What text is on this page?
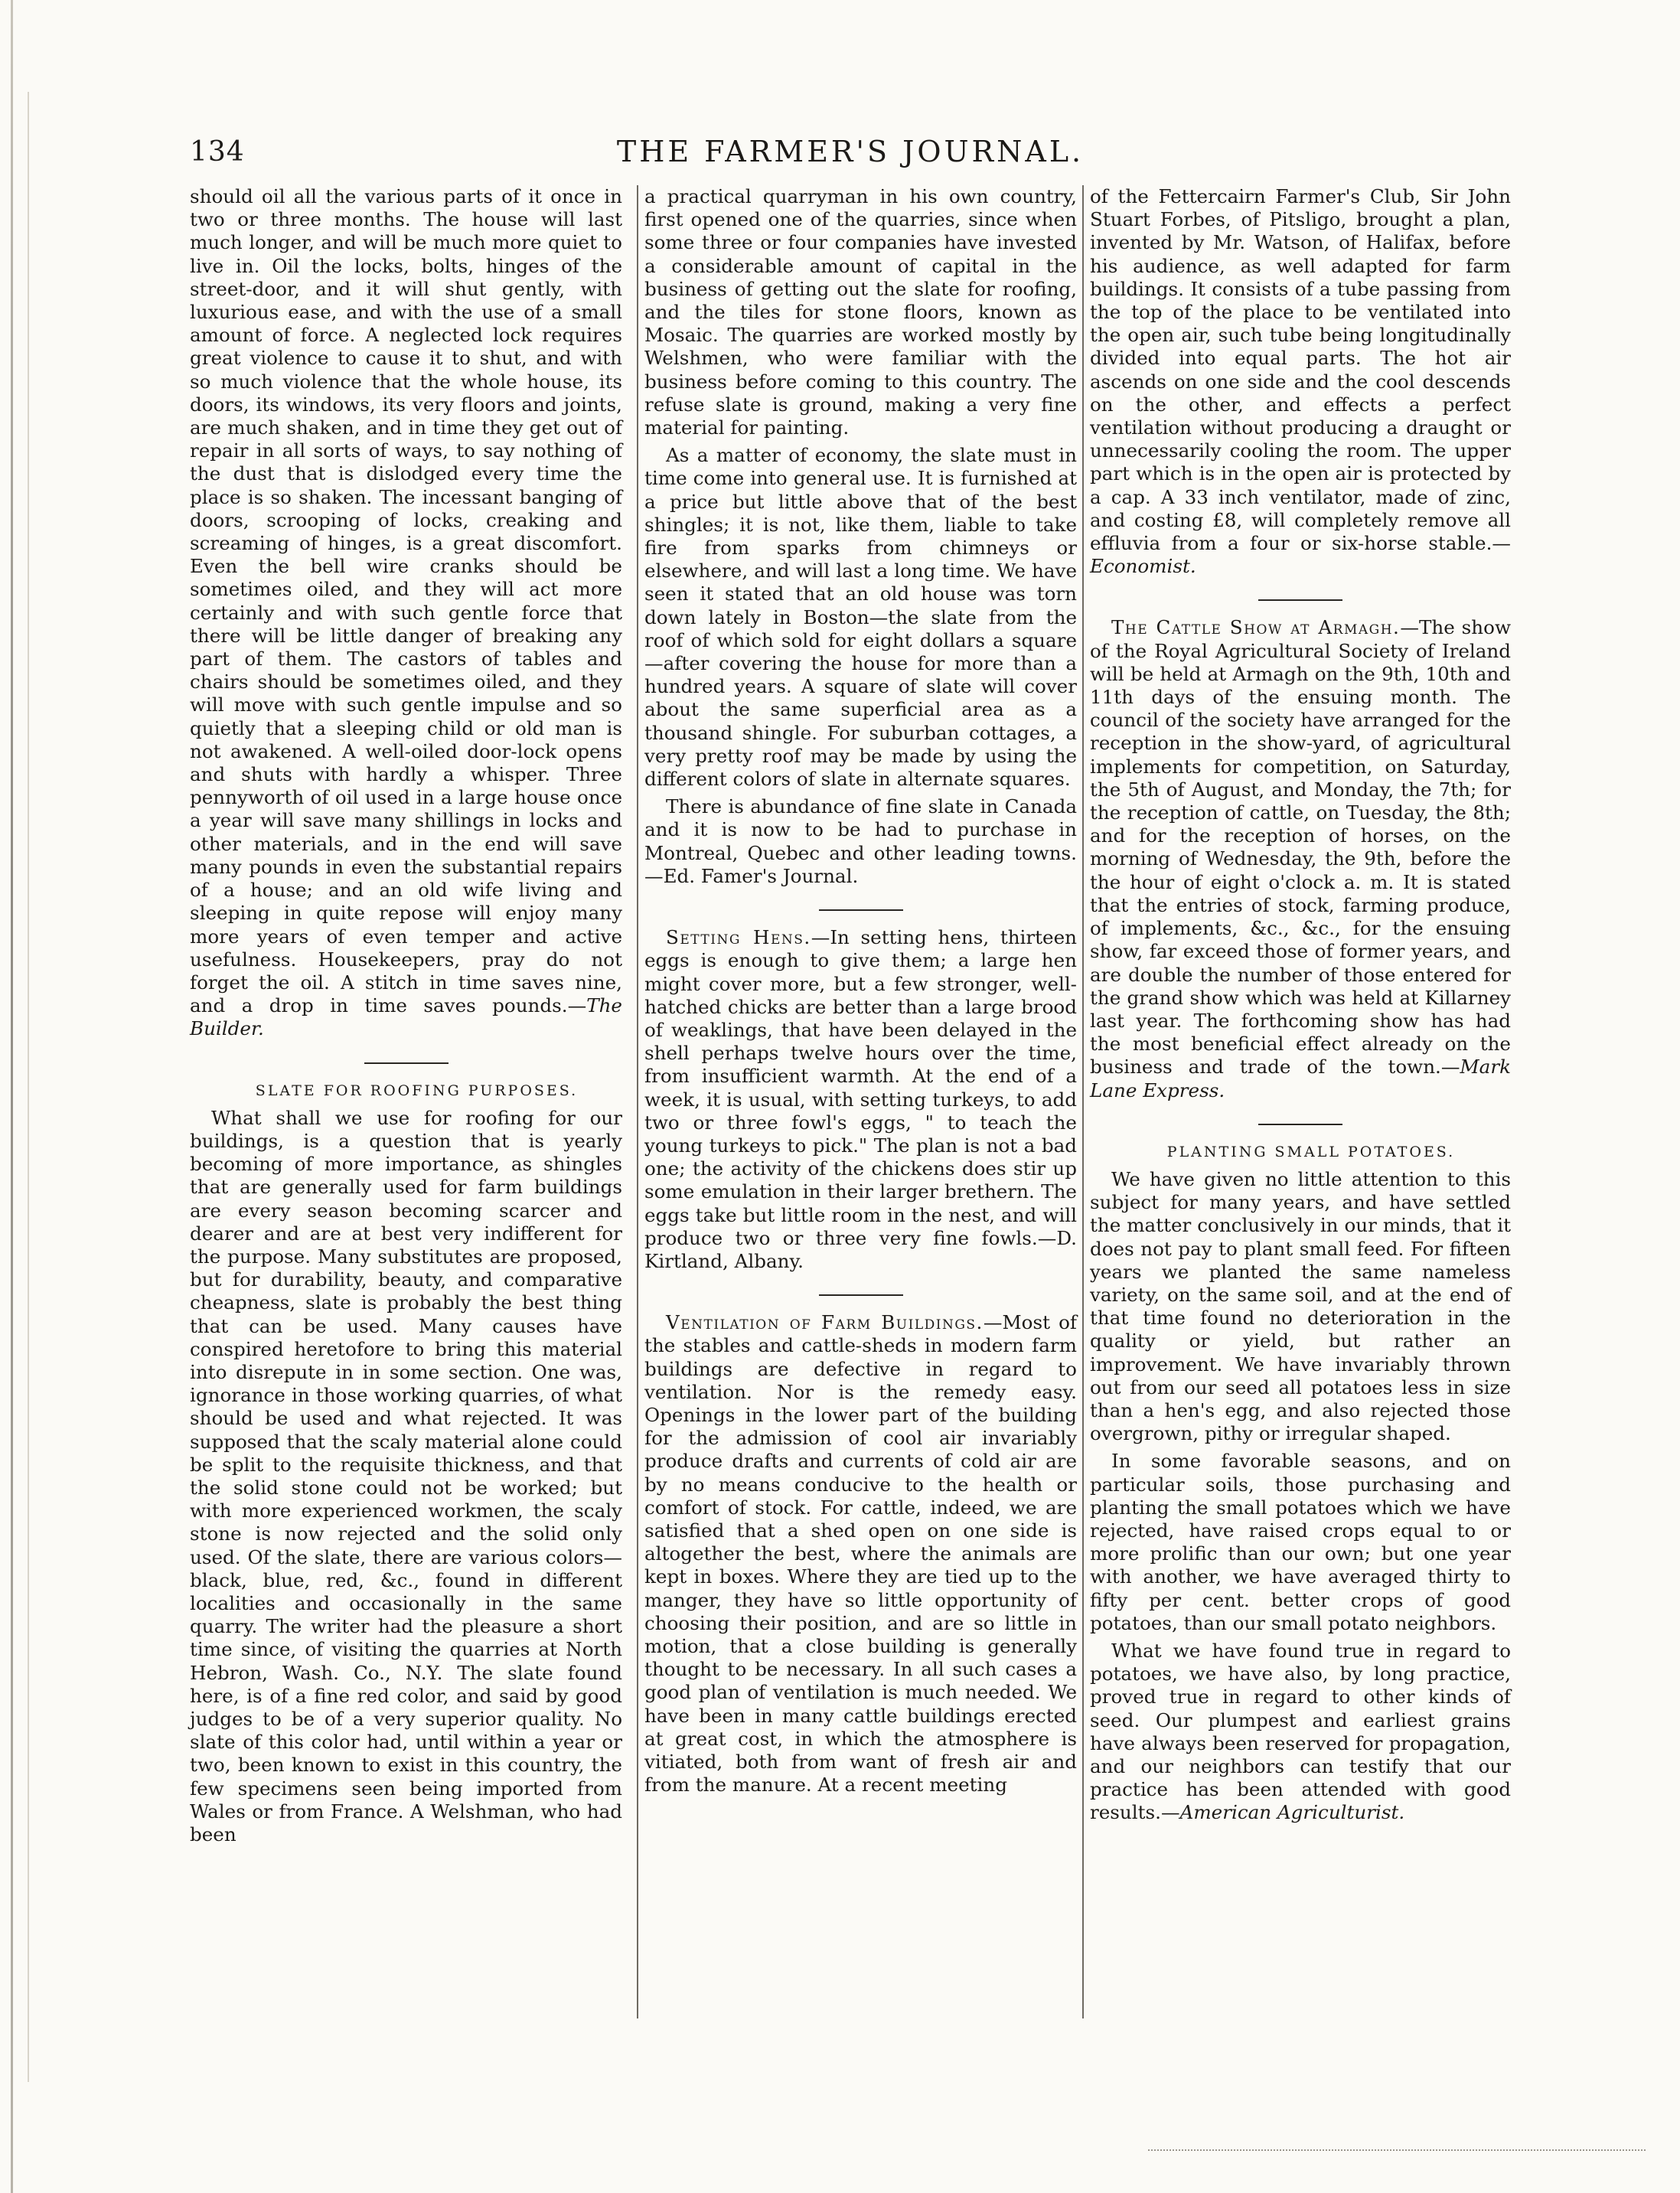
134	THE FARMER'S JOURNAL.

should oil all the various parts of it once in two or three months. The house will last much longer, and will be much more quiet to live in. Oil the locks, bolts, hinges of the street-door, and it will shut gently, with luxurious ease, and with the use of a small amount of force. A neglected lock requires great violence to cause it to shut, and with so much violence that the whole house, its doors, its windows, its very floors and joints, are much shaken, and in time they get out of repair in all sorts of ways, to say nothing of the dust that is dislodged every time the place is so shaken. The incessant banging of doors, scrooping of locks, creaking and screaming of hinges, is a great discomfort. Even the bell wire cranks should be sometimes oiled, and they will act more certainly and with such gentle force that there will be little danger of breaking any part of them. The castors of tables and chairs should be sometimes oiled, and they will move with such gentle impulse and so quietly that a sleeping child or old man is not awakened. A well-oiled door-lock opens and shuts with hardly a whisper. Three pennyworth of oil used in a large house once a year will save many shillings in locks and other materials, and in the end will save many pounds in even the substantial repairs of a house; and an old wife living and sleeping in quite repose will enjoy many more years of even temper and active usefulness. Housekeepers, pray do not forget the oil. A stitch in time saves nine, and a drop in time saves pounds.—The Builder.

SLATE FOR ROOFING PURPOSES.

What shall we use for roofing for our buildings, is a question that is yearly becoming of more importance, as shingles that are generally used for farm buildings are every season becoming scarcer and dearer and are at best very indifferent for the purpose. Many substitutes are proposed, but for durability, beauty, and comparative cheapness, slate is probably the best thing that can be used. Many causes have conspired heretofore to bring this material into disrepute in in some section. One was, ignorance in those working quarries, of what should be used and what rejected. It was supposed that the scaly material alone could be split to the requisite thickness, and that the solid stone could not be worked; but with more experienced workmen, the scaly stone is now rejected and the solid only used. Of the slate, there are various colors—black, blue, red, &c., found in different localities and occasionally in the same quarry. The writer had the pleasure a short time since, of visiting the quarries at North Hebron, Wash. Co., N.Y. The slate found here, is of a fine red color, and said by good judges to be of a very superior quality. No slate of this color had, until within a year or two, been known to exist in this country, the few specimens seen being imported from Wales or from France. A Welshman, who had been

a practical quarryman in his own country, first opened one of the quarries, since when some three or four companies have invested a considerable amount of capital in the business of getting out the slate for roofing, and the tiles for stone floors, known as Mosaic. The quarries are worked mostly by Welshmen, who were familiar with the business before coming to this country. The refuse slate is ground, making a very fine material for painting.

As a matter of economy, the slate must in time come into general use. It is furnished at a price but little above that of the best shingles; it is not, like them, liable to take fire from sparks from chimneys or elsewhere, and will last a long time. We have seen it stated that an old house was torn down lately in Boston—the slate from the roof of which sold for eight dollars a square —after covering the house for more than a hundred years. A square of slate will cover about the same superficial area as a thousand shingle. For suburban cottages, a very pretty roof may be made by using the different colors of slate in alternate squares.

There is abundance of fine slate in Canada and it is now to be had to purchase in Montreal, Quebec and other leading towns. —Ed. Famer's Journal.

Setting Hens.—In setting hens, thirteen eggs is enough to give them; a large hen might cover more, but a few stronger, well-hatched chicks are better than a large brood of weaklings, that have been delayed in the shell perhaps twelve hours over the time, from insufficient warmth. At the end of a week, it is usual, with setting turkeys, to add two or three fowl's eggs, " to teach the young turkeys to pick." The plan is not a bad one; the activity of the chickens does stir up some emulation in their larger brethern. The eggs take but little room in the nest, and will produce two or three very fine fowls.—D. Kirtland, Albany.

Ventilation of Farm Buildings.—Most of the stables and cattle-sheds in modern farm buildings are defective in regard to ventilation. Nor is the remedy easy. Openings in the lower part of the building for the admission of cool air invariably produce drafts and currents of cold air are by no means conducive to the health or comfort of stock. For cattle, indeed, we are satisfied that a shed open on one side is altogether the best, where the animals are kept in boxes. Where they are tied up to the manger, they have so little opportunity of choosing their position, and are so little in motion, that a close building is generally thought to be necessary. In all such cases a good plan of ventilation is much needed. We have been in many cattle buildings erected at great cost, in which the atmosphere is vitiated, both from want of fresh air and from the manure. At a recent meeting

of the Fettercairn Farmer's Club, Sir John Stuart Forbes, of Pitsligo, brought a plan, invented by Mr. Watson, of Halifax, before his audience, as well adapted for farm buildings. It consists of a tube passing from the top of the place to be ventilated into the open air, such tube being longitudinally divided into equal parts. The hot air ascends on one side and the cool descends on the other, and effects a perfect ventilation without producing a draught or unnecessarily cooling the room. The upper part which is in the open air is protected by a cap. A 33 inch ventilator, made of zinc, and costing £8, will completely remove all effluvia from a four or six-horse stable.—Economist.

The Cattle Show at Armagh.—The show of the Royal Agricultural Society of Ireland will be held at Armagh on the 9th, 10th and 11th days of the ensuing month. The council of the society have arranged for the reception in the show-yard, of agricultural implements for competition, on Saturday, the 5th of August, and Monday, the 7th; for the reception of cattle, on Tuesday, the 8th; and for the reception of horses, on the morning of Wednesday, the 9th, before the the hour of eight o'clock a. m. It is stated that the entries of stock, farming produce, of implements, &c., &c., for the ensuing show, far exceed those of former years, and are double the number of those entered for the grand show which was held at Killarney last year. The forthcoming show has had the most beneficial effect already on the business and trade of the town.—Mark Lane Express.

PLANTING SMALL POTATOES.

We have given no little attention to this subject for many years, and have settled the matter conclusively in our minds, that it does not pay to plant small feed. For fifteen years we planted the same nameless variety, on the same soil, and at the end of that time found no deterioration in the quality or yield, but rather an improvement. We have invariably thrown out from our seed all potatoes less in size than a hen's egg, and also rejected those overgrown, pithy or irregular shaped.

In some favorable seasons, and on particular soils, those purchasing and planting the small potatoes which we have rejected, have raised crops equal to or more prolific than our own; but one year with another, we have averaged thirty to fifty per cent. better crops of good potatoes, than our small potato neighbors.

What we have found true in regard to potatoes, we have also, by long practice, proved true in regard to other kinds of seed. Our plumpest and earliest grains have always been reserved for propagation, and our neighbors can testify that our practice has been attended with good results.—American Agriculturist.
